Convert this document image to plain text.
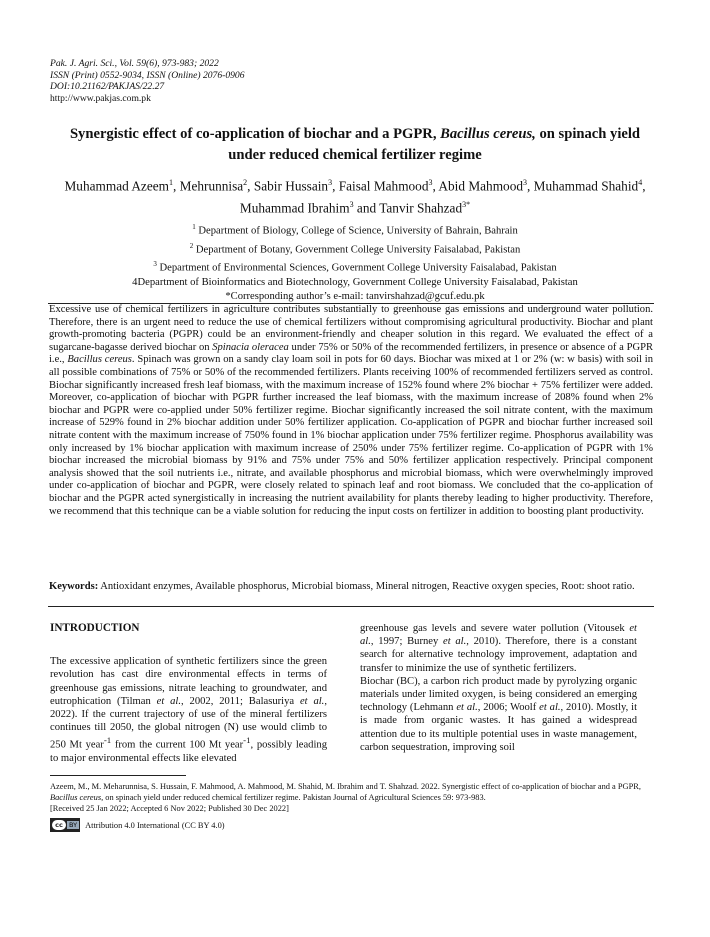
Pak. J. Agri. Sci., Vol. 59(6), 973-983; 2022
ISSN (Print) 0552-9034, ISSN (Online) 2076-0906
DOI:10.21162/PAKJAS/22.27
http://www.pakjas.com.pk
Synergistic effect of co-application of biochar and a PGPR, Bacillus cereus, on spinach yield under reduced chemical fertilizer regime
Muhammad Azeem$^1$, Mehrunnisa$^2$, Sabir Hussain$^3$, Faisal Mahmood$^3$, Abid Mahmood$^3$, Muhammad Shahid$^4$, Muhammad Ibrahim$^3$ and Tanvir Shahzad$^{3*}$
$^1$ Department of Biology, College of Science, University of Bahrain, Bahrain
$^2$ Department of Botany, Government College University Faisalabad, Pakistan
$^3$ Department of Environmental Sciences, Government College University Faisalabad, Pakistan
4Department of Bioinformatics and Biotechnology, Government College University Faisalabad, Pakistan
*Corresponding author’s e-mail: tanvirshahzad@gcuf.edu.pk
Excessive use of chemical fertilizers in agriculture contributes substantially to greenhouse gas emissions and underground water pollution. Therefore, there is an urgent need to reduce the use of chemical fertilizers without compromising agricultural productivity. Biochar and plant growth-promoting bacteria (PGPR) could be an environment-friendly and cheaper solution in this regard. We evaluated the effect of a sugarcane-bagasse derived biochar on Spinacia oleracea under 75% or 50% of the recommended fertilizers, in presence or absence of a PGPR i.e., Bacillus cereus. Spinach was grown on a sandy clay loam soil in pots for 60 days. Biochar was mixed at 1 or 2% (w: w basis) with soil in all possible combinations of 75% or 50% of the recommended fertilizers. Plants receiving 100% of recommended fertilizers served as control. Biochar significantly increased fresh leaf biomass, with the maximum increase of 152% found where 2% biochar + 75% fertilizer were added. Moreover, co-application of biochar with PGPR further increased the leaf biomass, with the maximum increase of 208% found when 2% biochar and PGPR were co-applied under 50% fertilizer regime. Biochar significantly increased the soil nitrate content, with the maximum increase of 529% found in 2% biochar addition under 50% fertilizer application. Co-application of PGPR and biochar further increased soil nitrate content with the maximum increase of 750% found in 1% biochar application under 75% fertilizer regime. Phosphorus availability was only increased by 1% biochar application with maximum increase of 250% under 75% fertilizer regime. Co-application of PGPR with 1% biochar increased the microbial biomass by 91% and 75% under 75% and 50% fertilizer application respectively. Principal component analysis showed that the soil nutrients i.e., nitrate, and available phosphorus and microbial biomass, which were overwhelmingly improved under co-application of biochar and PGPR, were closely related to spinach leaf and root biomass. We concluded that the co-application of biochar and the PGPR acted synergistically in increasing the nutrient availability for plants thereby leading to higher productivity. Therefore, we recommend that this technique can be a viable solution for reducing the input costs on fertilizer in addition to boosting plant productivity.
Keywords: Antioxidant enzymes, Available phosphorus, Microbial biomass, Mineral nitrogen, Reactive oxygen species, Root: shoot ratio.
INTRODUCTION

The excessive application of synthetic fertilizers since the green revolution has cast dire environmental effects in terms of greenhouse gas emissions, nitrate leaching to groundwater, and eutrophication (Tilman et al., 2002, 2011; Balasuriya et al., 2022). If the current trajectory of use of the mineral fertilizers continues till 2050, the global nitrogen (N) use would climb to 250 Mt year$^{-1}$ from the current 100 Mt year$^{-1}$, possibly leading to major environmental effects like elevated

greenhouse gas levels and severe water pollution (Vitousek et al., 1997; Burney et al., 2010). Therefore, there is a constant search for alternative technology improvement, adaptation and transfer to minimize the use of synthetic fertilizers.

Biochar (BC), a carbon rich product made by pyrolyzing organic materials under limited oxygen, is being considered an emerging technology (Lehmann et al., 2006; Woolf et al., 2010). Mostly, it is made from organic wastes. It has gained a widespread attention due to its multiple potential uses in waste management, carbon sequestration, improving soil

Azeem, M., M. Meharunnisa, S. Hussain, F. Mahmood, A. Mahmood, M. Shahid, M. Ibrahim and T. Shahzad. 2022. Synergistic effect of co-application of biochar and a PGPR, Bacillus cereus, on spinach yield under reduced chemical fertilizer regime. Pakistan Journal of Agricultural Sciences 59: 973-983.
[Received 25 Jan 2022; Accepted 6 Nov 2022; Published 30 Dec 2022]
cc BY Attribution 4.0 International (CC BY 4.0)
